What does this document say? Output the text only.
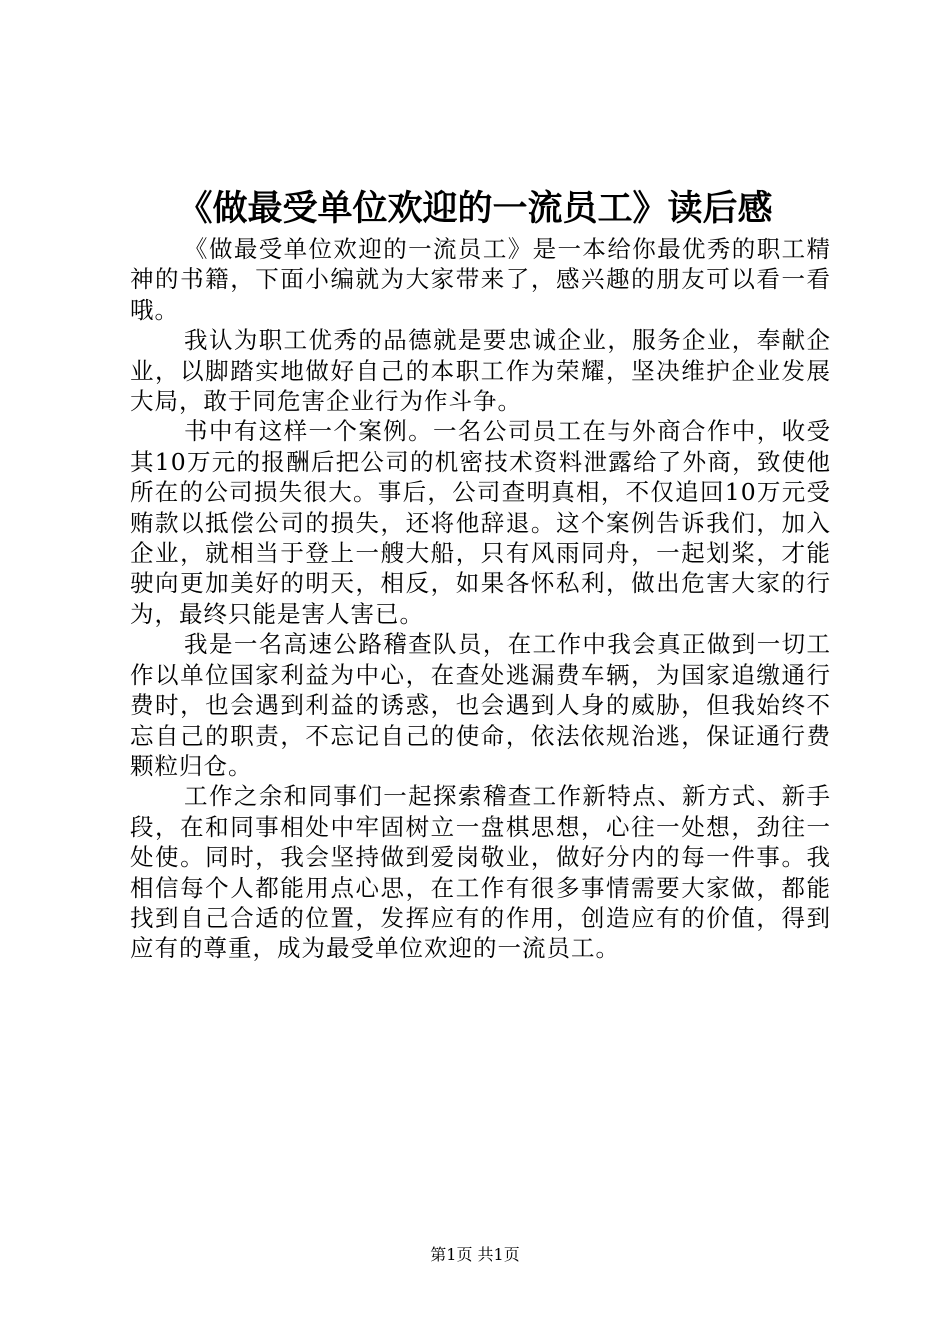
《做最受单位欢迎的一流员工》读后感

《做最受单位欢迎的一流员工》是一本给你最优秀的职工精神的书籍，下面小编就为大家带来了，感兴趣的朋友可以看一看哦。

我认为职工优秀的品德就是要忠诚企业，服务企业，奉献企业，以脚踏实地做好自己的本职工作为荣耀，坚决维护企业发展大局，敢于同危害企业行为作斗争。

书中有这样一个案例。一名公司员工在与外商合作中，收受其10万元的报酬后把公司的机密技术资料泄露给了外商，致使他所在的公司损失很大。事后，公司查明真相，不仅追回10万元受贿款以抵偿公司的损失，还将他辞退。这个案例告诉我们，加入企业，就相当于登上一艘大船，只有风雨同舟，一起划桨，才能驶向更加美好的明天，相反，如果各怀私利，做出危害大家的行为，最终只能是害人害已。

我是一名高速公路稽查队员，在工作中我会真正做到一切工作以单位国家利益为中心，在查处逃漏费车辆，为国家追缴通行费时，也会遇到利益的诱惑，也会遇到人身的威胁，但我始终不忘自己的职责，不忘记自己的使命，依法依规治逃，保证通行费颗粒归仓。

工作之余和同事们一起探索稽查工作新特点、新方式、新手段，在和同事相处中牢固树立一盘棋思想，心往一处想，劲往一处使。同时，我会坚持做到爱岗敬业，做好分内的每一件事。我相信每个人都能用点心思，在工作有很多事情需要大家做，都能找到自己合适的位置，发挥应有的作用，创造应有的价值，得到应有的尊重，成为最受单位欢迎的一流员工。

第1页 共1页
